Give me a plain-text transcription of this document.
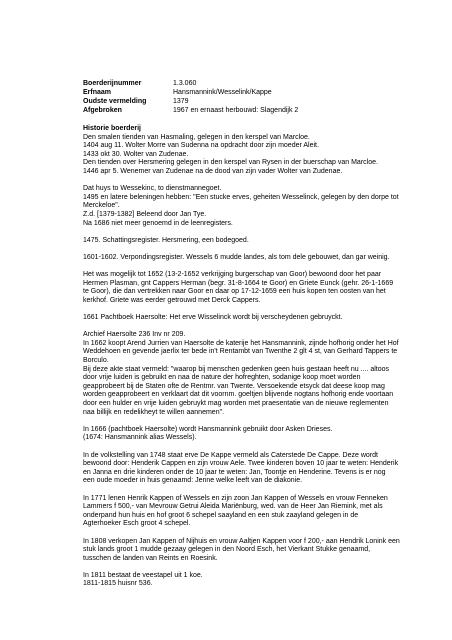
Boerderijnummer	1.3.060
Erfnaam	Hansmannink/Wesselink/Kappe
Oudste vermelding	1379
Afgebroken	1967 en ernaast herbouwd: Slagendijk 2
Historie boerderij
Den smalen tienden van Hasmaling, gelegen in den kerspel van Marcloe.
1404 aug 11. Wolter Morre van Sudenna na opdracht door zijn moeder Aleit.
1433 okt 30. Wolter van Zudenae.
Den tienden over Hersmering gelegen in den kerspel van Rysen in der buerschap van Marcloe.
1446 apr 5. Wenemer van Zudenae na de dood van zijn vader Wolter van Zudenae.
Dat huys to Wessekinc, to dienstmannegoet.
1495 en latere beleningen hebben: "Een stucke erves, geheiten Wesselinck, gelegen by den dorpe tot
Merckeloe".
Z.d. [1379-1382] Beleend door Jan Tye.
Na 1686 niet meer genoemd in de leenregisters.
1475. Schattingsregister. Hersmering, een bodegoed.
1601-1602. Verpondingsregister. Wessels 6 mudde landes, als tom dele gebouwet, dan gar weinig.
Het was mogelijk tot 1652 (13-2-1652 verkrijging burgerschap van Goor) bewoond door het paar
Hermen Plasman, gnt Cappers Herman (begr. 31-8-1664 te Goor) en Griete Eunck (gehr. 26-1-1669
te Goor), die dan vertrekken naar Goor en daar op 17-12-1659 een huis kopen ten oosten van het
kerkhof. Griete was eerder getrouwd met Derck Cappers.
1661 Pachtboek Haersolte: Het erve Wisselinck wordt bij verscheydenen gebruyckt.
Archief Haersolte 236 Inv nr 209.
In 1662 koopt Arend Jurrien van Haersolte de katerije het Hansmannink, zijnde hofhorig onder het Hof
Weddehoen en gevende jaerlix ter bede in't Rentambt van Twenthe 2 glt 4 st, van Gerhard Tappers te
Borculo.
Bij deze akte staat vermeld: "waarop bij menschen gedenken geen huis gestaan heeft nu .... altoos
door vrije luiden is gebruikt en naa de nature der hofreghten, sodanige koop moet worden
geapprobeert bij de Staten ofte de Rentmr. van Twente. Versoekende etsyck dat deese koop mag
worden geapprobeert en verklaart dat dit voornm. goeltjen blijvende nogtans hofhorig ende voortaan
door een hulder en vrije luiden gebruykt mag worden met praesentatie van de nieuwe reglementen
naa billijk en redelikheyt te willen aannemen".
In 1666 (pachtboek Haersolte) wordt Hansmannink gebruikt door Asken Drieses.
(1674: Hansmannink alias Wessels).
In de volkstelling van 1748 staat erve De Kappe vermeld als Caterstede De Cappe. Deze wordt
bewoond door: Henderik Cappen en zijn vrouw Aele. Twee kinderen boven 10 jaar te weten: Henderik
en Janna en drie kinderen onder de 10 jaar te weten: Jan, Toontje en Henderine. Tevens is er nog
een oude moeder in huis genaamd: Jenne welke leeft van de diakonie.
In 1771 lenen Henrik Kappen of Wessels en zijn zoon Jan Kappen of Wessels en vrouw Fenneken
Lammers f 500,- van Mevrouw Getrui Aleida Mariënburg, wed. van de Heer Jan Riemink, met als
onderpand hun huis en hof groot 6 schepel saayland en een stuk zaayland gelegen in de
Agterhoeker Esch groot 4 schepel.
In 1808 verkopen Jan Kappen of Nijhuis en vrouw Aaltjen Kappen voor f 200,- aan Hendrik Lonink een
stuk lands groot 1 mudde gezaay gelegen in den Noord Esch, het Vierkant Stukke genaamd,
tusschen de landen van Reints en Roesink.
In 1811 bestaat de veestapel uit 1 koe.
1811-1815 huisnr 536.
